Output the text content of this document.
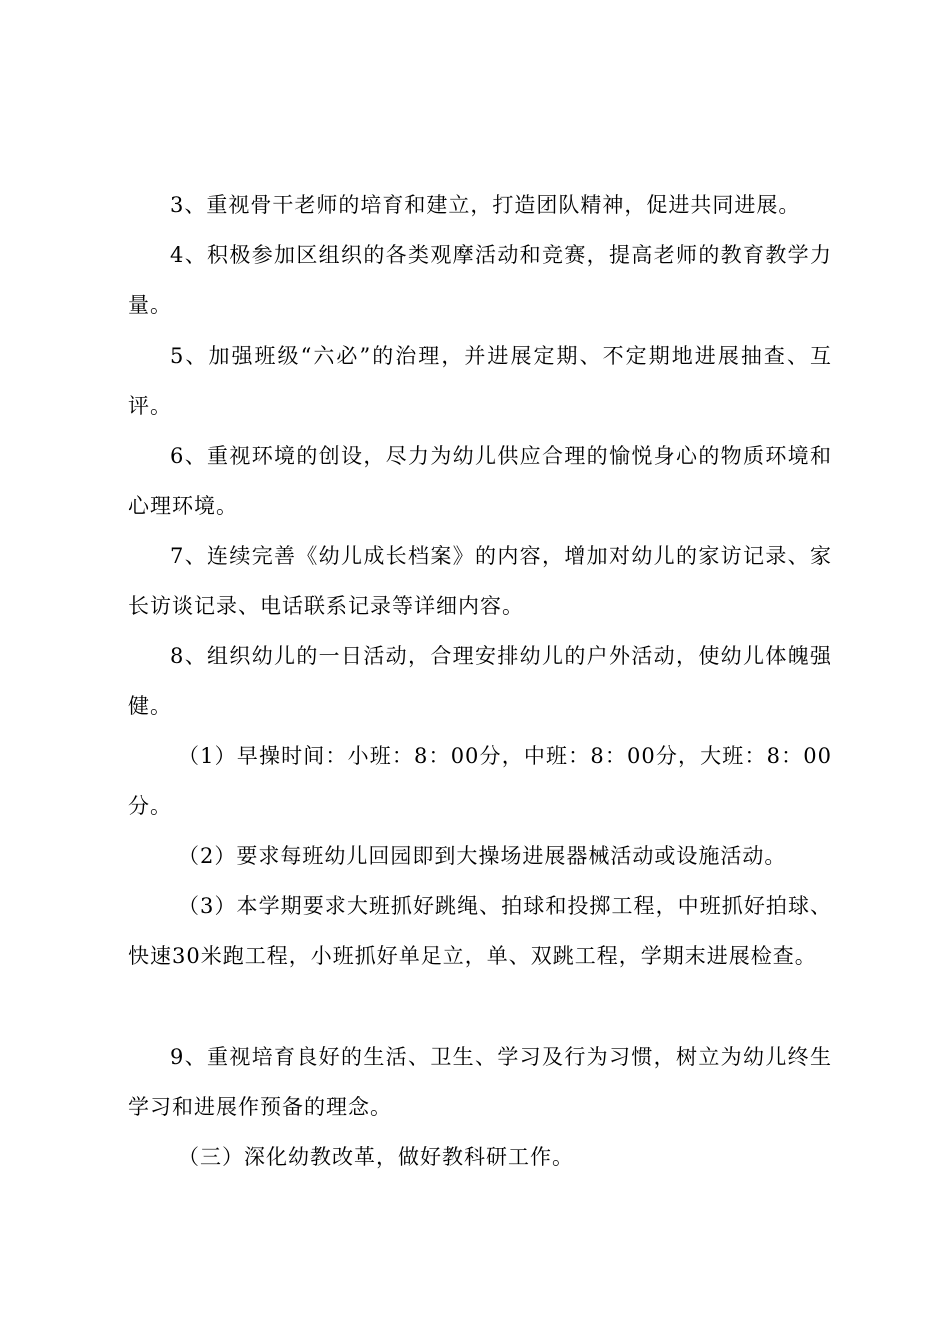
3、重视骨干老师的培育和建立，打造团队精神，促进共同进展。

4、积极参加区组织的各类观摩活动和竞赛，提高老师的教育教学力量。

5、加强班级“六必”的治理，并进展定期、不定期地进展抽查、互评。

6、重视环境的创设，尽力为幼儿供应合理的愉悦身心的物质环境和心理环境。

7、连续完善《幼儿成长档案》的内容，增加对幼儿的家访记录、家长访谈记录、电话联系记录等详细内容。

8、组织幼儿的一日活动，合理安排幼儿的户外活动，使幼儿体魄强健。

（1）早操时间：小班：8：00分，中班：8：00分，大班：8：00分。

（2）要求每班幼儿回园即到大操场进展器械活动或设施活动。

（3）本学期要求大班抓好跳绳、拍球和投掷工程，中班抓好拍球、快速30米跑工程，小班抓好单足立，单、双跳工程，学期末进展检查。

9、重视培育良好的生活、卫生、学习及行为习惯，树立为幼儿终生学习和进展作预备的理念。

（三）深化幼教改革，做好教科研工作。
